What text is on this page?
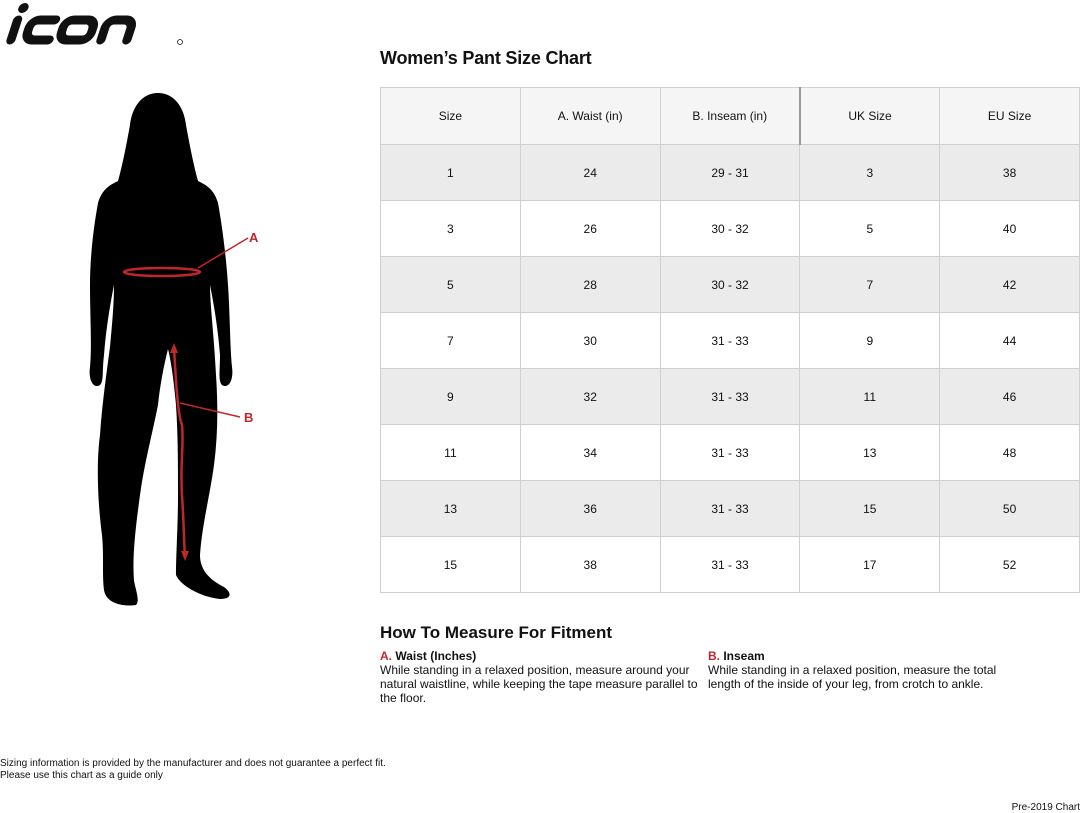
A
B
Women’s Pant Size Chart
Size	A. Waist (in)	B. Inseam (in)	UK Size	EU Size
1	24	29 - 31	3	38
3	26	30 - 32	5	40
5	28	30 - 32	7	42
7	30	31 - 33	9	44
9	32	31 - 33	11	46
11	34	31 - 33	13	48
13	36	31 - 33	15	50
15	38	31 - 33	17	52
How To Measure For Fitment
A. Waist (Inches)
While standing in a relaxed position, measure around your natural waistline, while keeping the tape measure parallel to the floor.
B. Inseam
While standing in a relaxed position, measure the total length of the inside of your leg, from crotch to ankle.
Sizing information is provided by the manufacturer and does not guarantee a perfect fit.
Please use this chart as a guide only
Pre-2019 Chart
